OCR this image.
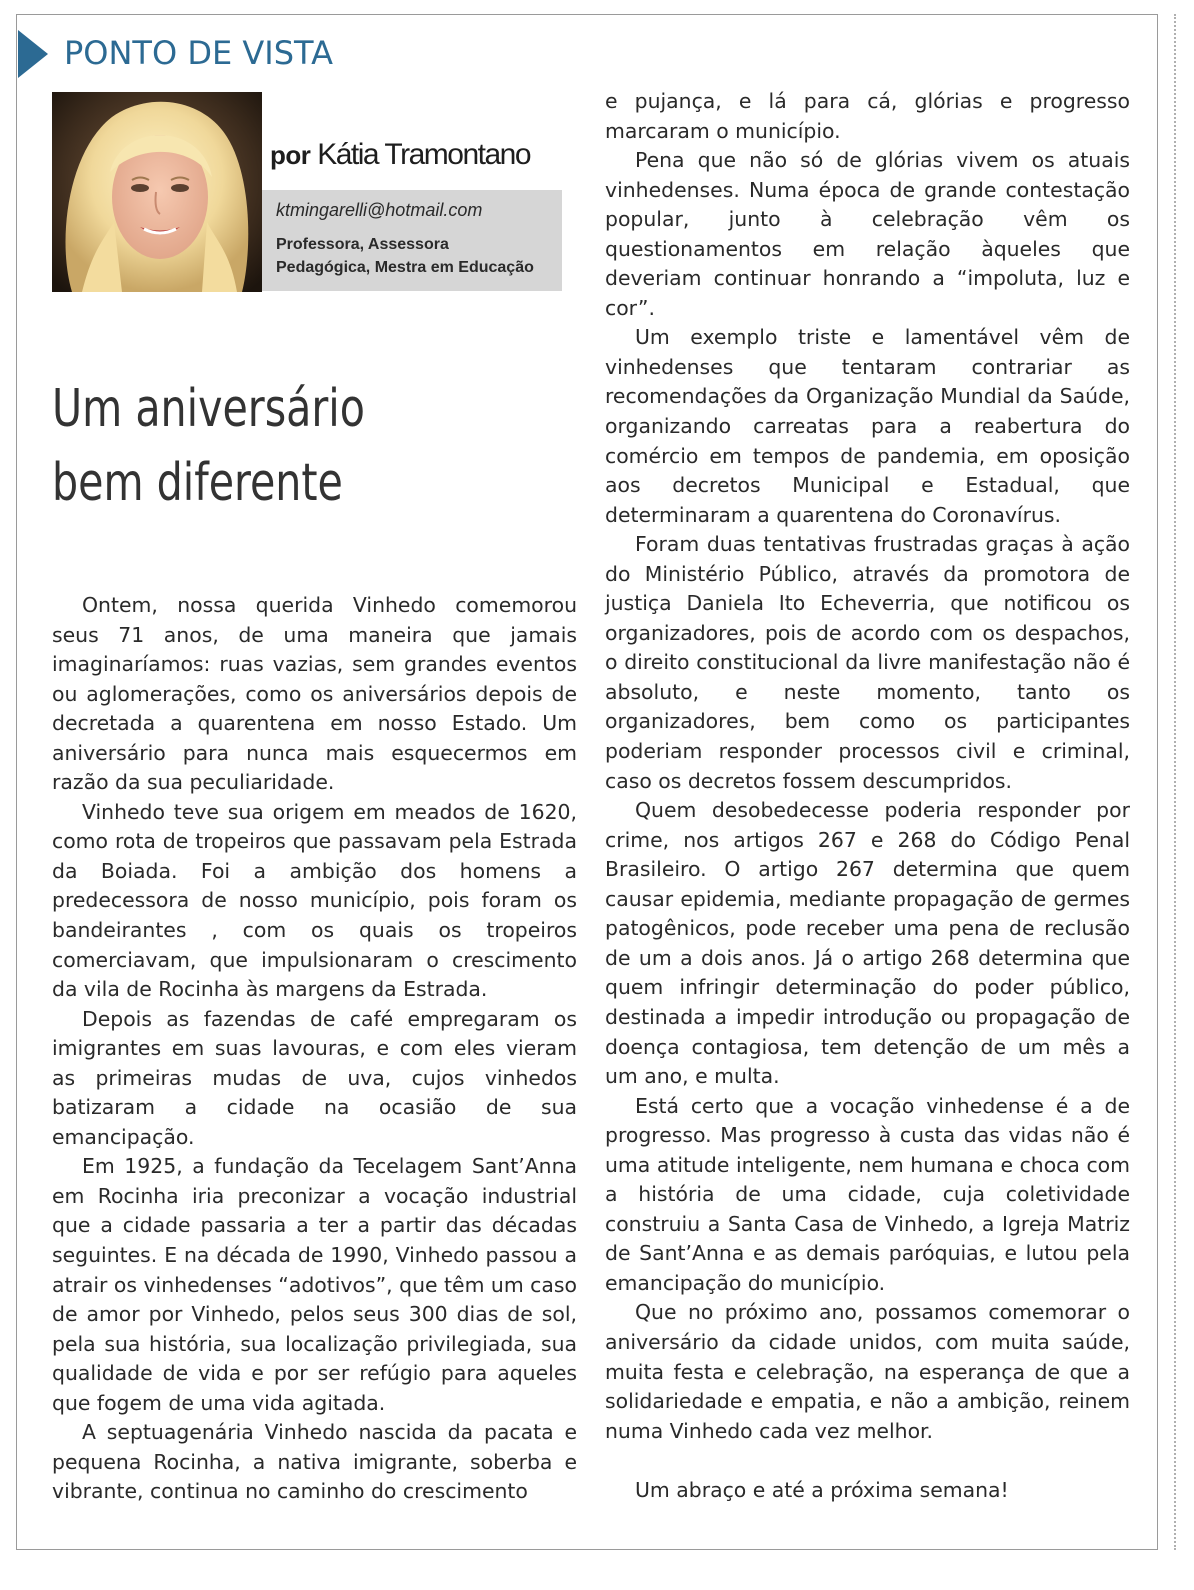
PONTO DE VISTA
por Kátia Tramontano
ktmingarelli@hotmail.com
Professora, Assessora
Pedagógica, Mestra em Educação
Um aniversário
bem diferente

Ontem, nossa querida Vinhedo comemorou seus 71 anos, de uma maneira que jamais imaginaríamos: ruas vazias, sem grandes eventos ou aglomerações, como os aniversários depois de decretada a quarentena em nosso Estado. Um aniversário para nunca mais esquecermos em razão da sua peculiaridade.

Vinhedo teve sua origem em meados de 1620, como rota de tropeiros que passavam pela Estrada da Boiada. Foi a ambição dos homens a predecessora de nosso município, pois foram os bandeirantes , com os quais os tropeiros comerciavam, que impulsionaram o crescimento da vila de Rocinha às margens da Estrada.

Depois as fazendas de café empregaram os imigrantes em suas lavouras, e com eles vieram as primeiras mudas de uva, cujos vinhedos batizaram a cidade na ocasião de sua emancipação.

Em 1925, a fundação da Tecelagem Sant’Anna em Rocinha iria preconizar a vocação industrial que a cidade passaria a ter a partir das décadas seguintes. E na década de 1990, Vinhedo passou a atrair os vinhedenses “adotivos”, que têm um caso de amor por Vinhedo, pelos seus 300 dias de sol, pela sua história, sua localização privilegiada, sua qualidade de vida e por ser refúgio para aqueles que fogem de uma vida agitada.

A septuagenária Vinhedo nascida da pacata e pequena Rocinha, a nativa imigrante, soberba e vibrante, continua no caminho do crescimento

e pujança, e lá para cá, glórias e progresso marcaram o município.

Pena que não só de glórias vivem os atuais vinhedenses. Numa época de grande contestação popular, junto à celebração vêm os questionamentos em relação àqueles que deveriam continuar honrando a “impoluta, luz e cor”.

Um exemplo triste e lamentável vêm de vinhedenses que tentaram contrariar as recomendações da Organização Mundial da Saúde, organizando carreatas para a reabertura do comércio em tempos de pandemia, em oposição aos decretos Municipal e Estadual, que determinaram a quarentena do Coronavírus.

Foram duas tentativas frustradas graças à ação do Ministério Público, através da promotora de justiça Daniela Ito Echeverria, que notificou os organizadores, pois de acordo com os despachos, o direito constitucional da livre manifestação não é absoluto, e neste momento, tanto os organizadores, bem como os participantes poderiam responder processos civil e criminal, caso os decretos fossem descumpridos.

Quem desobedecesse poderia responder por crime, nos artigos 267 e 268 do Código Penal Brasileiro. O artigo 267 determina que quem causar epidemia, mediante propagação de germes patogênicos, pode receber uma pena de reclusão de um a dois anos. Já o artigo 268 determina que quem infringir determinação do poder público, destinada a impedir introdução ou propagação de doença contagiosa, tem detenção de um mês a um ano, e multa.

Está certo que a vocação vinhedense é a de progresso. Mas progresso à custa das vidas não é uma atitude inteligente, nem humana e choca com a história de uma cidade, cuja coletividade construiu a Santa Casa de Vinhedo, a Igreja Matriz de Sant’Anna e as demais paróquias, e lutou pela emancipação do município.

Que no próximo ano, possamos comemorar o aniversário da cidade unidos, com muita saúde, muita festa e celebração, na esperança de que a solidariedade e empatia, e não a ambição, reinem numa Vinhedo cada vez melhor.

Um abraço e até a próxima semana!
